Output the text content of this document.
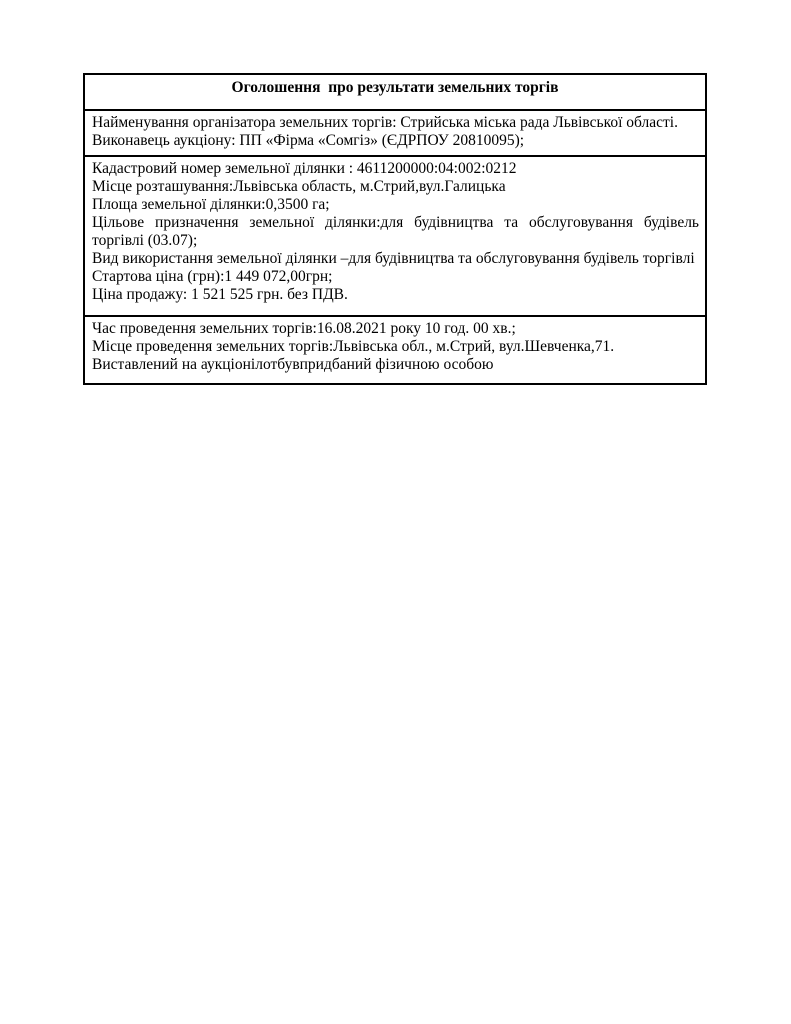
Оголошення  про результати земельних торгів

Найменування організатора земельних торгів: Стрийська міська рада Львівської області.

Виконавець аукціону: ПП «Фірма «Сомгіз» (ЄДРПОУ 20810095);

Кадастровий номер земельної ділянки : 4611200000:04:002:0212

Місце розташування:Львівська область, м.Стрий,вул.Галицька

Площа земельної ділянки:0,3500 га;

Цільове призначення земельної ділянки:для будівництва та обслуговування будівель торгівлі (03.07);

Вид використання земельної ділянки –для будівництва та обслуговування будівель торгівлі

Стартова ціна (грн):1 449 072,00грн;

Ціна продажу: 1 521 525 грн. без ПДВ.

Час проведення земельних торгів:16.08.2021 року 10 год. 00 хв.;

Місце проведення земельних торгів:Львівська обл., м.Стрий, вул.Шевченка,71.

Виставлений на аукціонілотбувпридбаний фізичною особою
